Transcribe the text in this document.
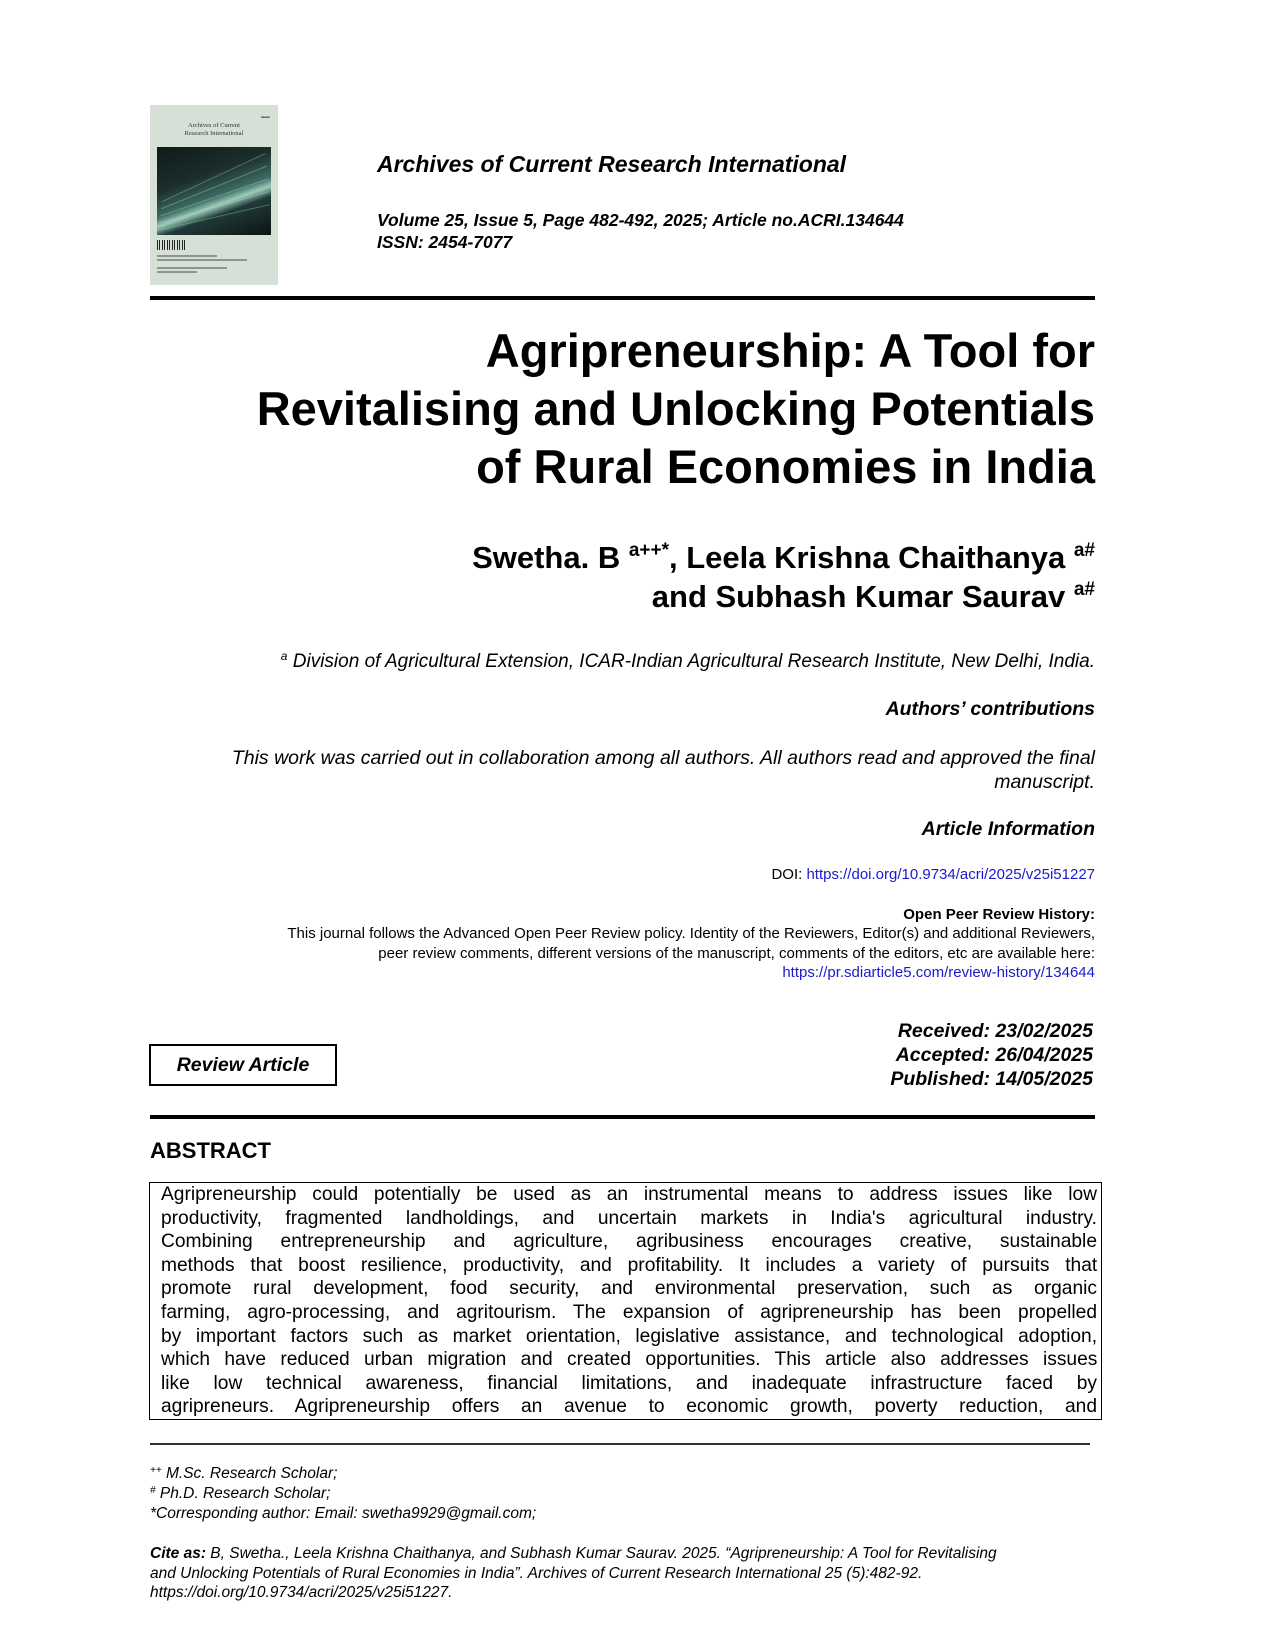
■■■■■
Archives of Current
Research International
Archives of Current Research International
Volume 25, Issue 5, Page 482-492, 2025; Article no.ACRI.134644
ISSN: 2454-7077
Agripreneurship: A Tool for
Revitalising and Unlocking Potentials
of Rural Economies in India
Swetha. B $^{a++*}$, Leela Krishna Chaithanya $^{a\#}$
and Subhash Kumar Saurav $^{a\#}$
$^a$ Division of Agricultural Extension, ICAR-Indian Agricultural Research Institute, New Delhi, India.
Authors’ contributions
This work was carried out in collaboration among all authors. All authors read and approved the final
manuscript.
Article Information
DOI: https://doi.org/10.9734/acri/2025/v25i51227
Open Peer Review History:
This journal follows the Advanced Open Peer Review policy. Identity of the Reviewers, Editor(s) and additional Reviewers,
peer review comments, different versions of the manuscript, comments of the editors, etc are available here:
https://pr.sdiarticle5.com/review-history/134644
Review Article
Received: 23/02/2025
Accepted: 26/04/2025
Published: 14/05/2025
ABSTRACT
Agripreneurship could potentially be used as an instrumental means to address issues like low
productivity, fragmented landholdings, and uncertain markets in India's agricultural industry.
Combining entrepreneurship and agriculture, agribusiness encourages creative, sustainable
methods that boost resilience, productivity, and profitability. It includes a variety of pursuits that
promote rural development, food security, and environmental preservation, such as organic
farming, agro-processing, and agritourism. The expansion of agripreneurship has been propelled
by important factors such as market orientation, legislative assistance, and technological adoption,
which have reduced urban migration and created opportunities. This article also addresses issues
like low technical awareness, financial limitations, and inadequate infrastructure faced by
agripreneurs. Agripreneurship offers an avenue to economic growth, poverty reduction, and
++ M.Sc. Research Scholar;
# Ph.D. Research Scholar;
*Corresponding author: Email: swetha9929@gmail.com;
Cite as: B, Swetha., Leela Krishna Chaithanya, and Subhash Kumar Saurav. 2025. “Agripreneurship: A Tool for Revitalising
and Unlocking Potentials of Rural Economies in India”. Archives of Current Research International 25 (5):482-92.
https://doi.org/10.9734/acri/2025/v25i51227.
